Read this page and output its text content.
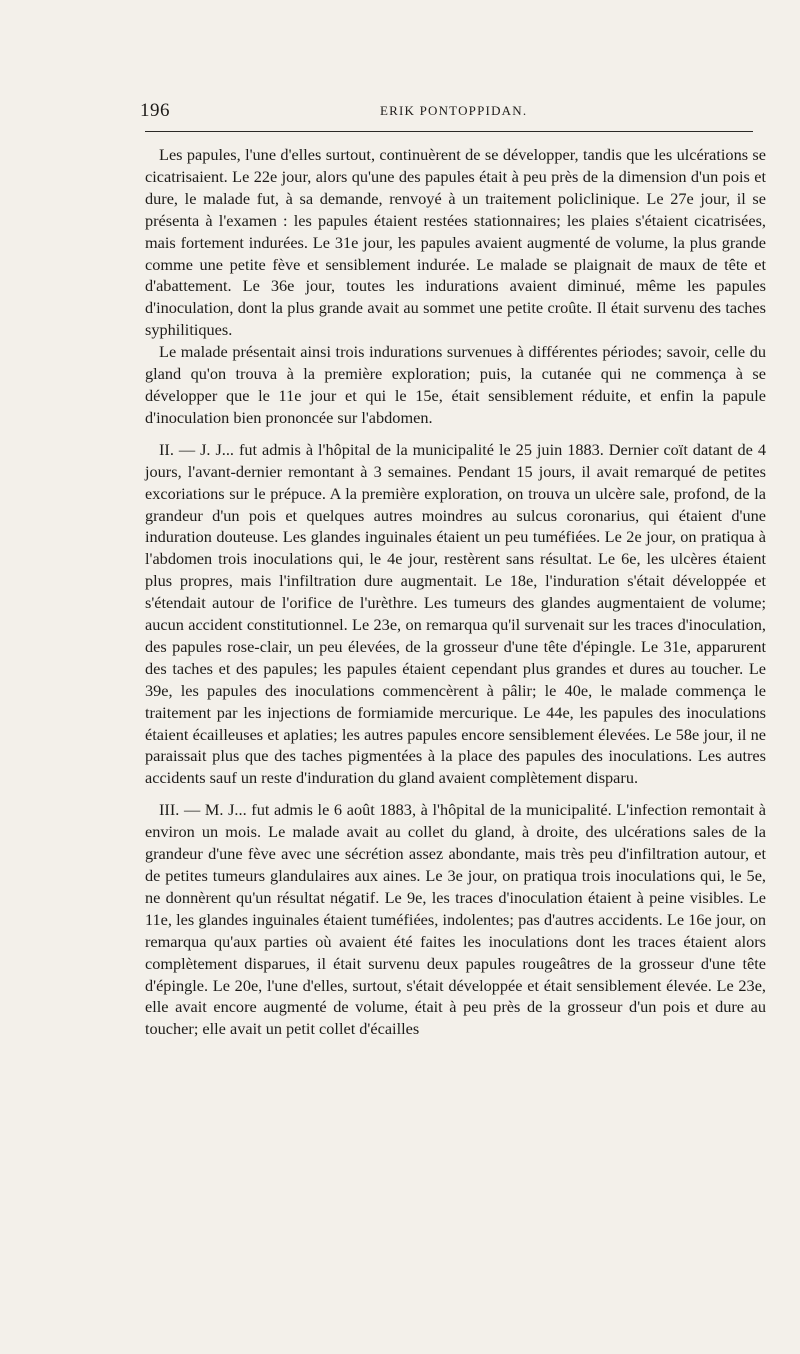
196	ERIK PONTOPPIDAN.

Les papules, l'une d'elles surtout, continuèrent de se développer, tandis que les ulcérations se cicatrisaient. Le 22e jour, alors qu'une des papules était à peu près de la dimension d'un pois et dure, le malade fut, à sa demande, renvoyé à un traitement policlinique. Le 27e jour, il se présenta à l'examen : les papules étaient restées stationnaires; les plaies s'étaient cicatrisées, mais fortement indurées. Le 31e jour, les papules avaient augmenté de volume, la plus grande comme une petite fève et sensiblement indurée. Le malade se plaignait de maux de tête et d'abattement. Le 36e jour, toutes les indurations avaient diminué, même les papules d'inoculation, dont la plus grande avait au sommet une petite croûte. Il était survenu des taches syphilitiques.

Le malade présentait ainsi trois indurations survenues à différentes périodes; savoir, celle du gland qu'on trouva à la première exploration; puis, la cutanée qui ne commença à se développer que le 11e jour et qui le 15e, était sensiblement réduite, et enfin la papule d'inoculation bien prononcée sur l'abdomen.

II. — J. J... fut admis à l'hôpital de la municipalité le 25 juin 1883. Dernier coït datant de 4 jours, l'avant-dernier remontant à 3 semaines. Pendant 15 jours, il avait remarqué de petites excoriations sur le prépuce. A la première exploration, on trouva un ulcère sale, profond, de la grandeur d'un pois et quelques autres moindres au sulcus coronarius, qui étaient d'une induration douteuse. Les glandes inguinales étaient un peu tuméfiées. Le 2e jour, on pratiqua à l'abdomen trois inoculations qui, le 4e jour, restèrent sans résultat. Le 6e, les ulcères étaient plus propres, mais l'infiltration dure augmentait. Le 18e, l'induration s'était développée et s'étendait autour de l'orifice de l'urèthre. Les tumeurs des glandes augmentaient de volume; aucun accident constitutionnel. Le 23e, on remarqua qu'il survenait sur les traces d'inoculation, des papules rose-clair, un peu élevées, de la grosseur d'une tête d'épingle. Le 31e, apparurent des taches et des papules; les papules étaient cependant plus grandes et dures au toucher. Le 39e, les papules des inoculations commencèrent à pâlir; le 40e, le malade commença le traitement par les injections de formiamide mercurique. Le 44e, les papules des inoculations étaient écailleuses et aplaties; les autres papules encore sensiblement élevées. Le 58e jour, il ne paraissait plus que des taches pigmentées à la place des papules des inoculations. Les autres accidents sauf un reste d'induration du gland avaient complètement disparu.

III. — M. J... fut admis le 6 août 1883, à l'hôpital de la municipalité. L'infection remontait à environ un mois. Le malade avait au collet du gland, à droite, des ulcérations sales de la grandeur d'une fève avec une sécrétion assez abondante, mais très peu d'infiltration autour, et de petites tumeurs glandulaires aux aines. Le 3e jour, on pratiqua trois inoculations qui, le 5e, ne donnèrent qu'un résultat négatif. Le 9e, les traces d'inoculation étaient à peine visibles. Le 11e, les glandes inguinales étaient tuméfiées, indolentes; pas d'autres accidents. Le 16e jour, on remarqua qu'aux parties où avaient été faites les inoculations dont les traces étaient alors complètement disparues, il était survenu deux papules rougeâtres de la grosseur d'une tête d'épingle. Le 20e, l'une d'elles, surtout, s'était développée et était sensiblement élevée. Le 23e, elle avait encore augmenté de volume, était à peu près de la grosseur d'un pois et dure au toucher; elle avait un petit collet d'écailles
